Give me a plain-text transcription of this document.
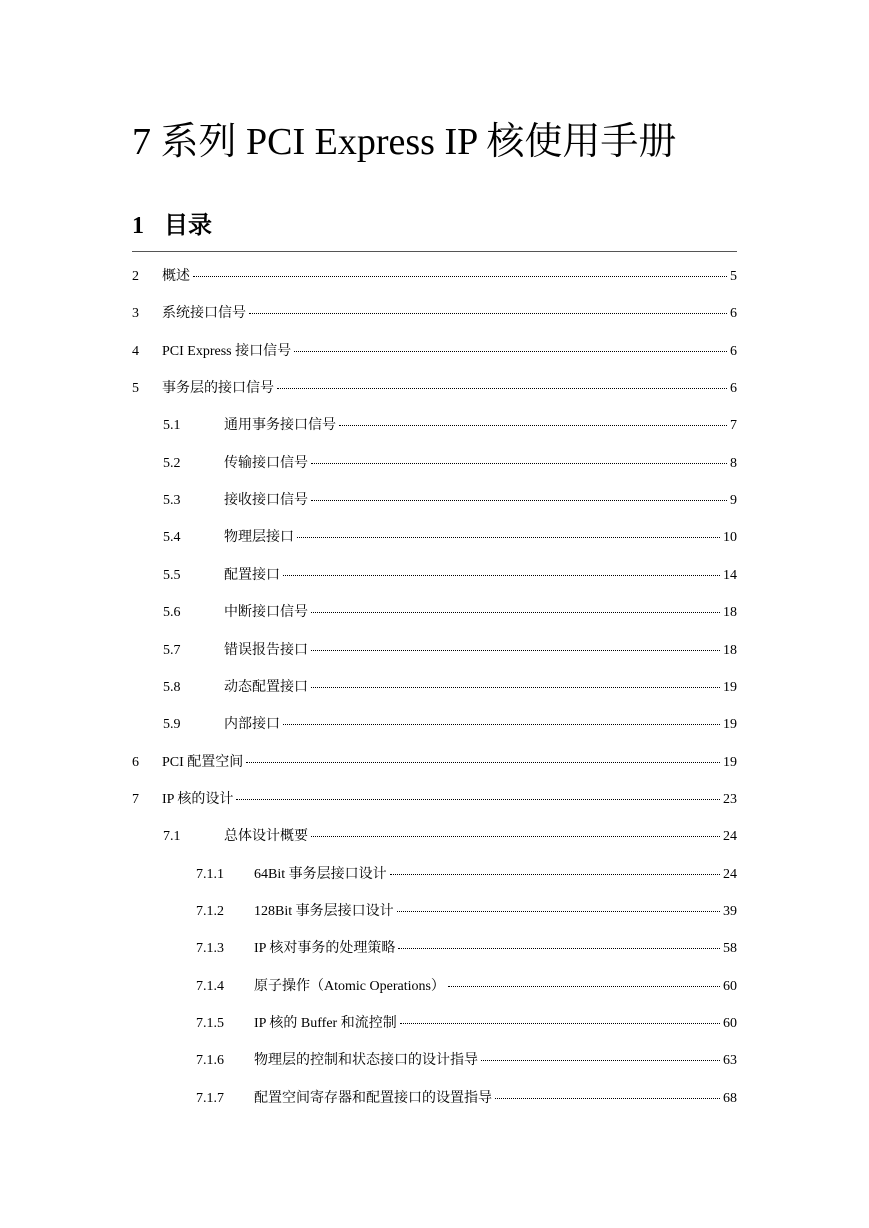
7 系列 PCI Express IP 核使用手册
1 目录
2	概述	5
3	系统接口信号	6
4	PCI Express 接口信号	6
5	事务层的接口信号	6
5.1	通用事务接口信号	7
5.2	传输接口信号	8
5.3	接收接口信号	9
5.4	物理层接口	10
5.5	配置接口	14
5.6	中断接口信号	18
5.7	错误报告接口	18
5.8	动态配置接口	19
5.9	内部接口	19
6	PCI 配置空间	19
7	IP 核的设计	23
7.1	总体设计概要	24
7.1.1	64Bit 事务层接口设计	24
7.1.2	128Bit 事务层接口设计	39
7.1.3	IP 核对事务的处理策略	58
7.1.4	原子操作（Atomic Operations）	60
7.1.5	IP 核的 Buffer 和流控制	60
7.1.6	物理层的控制和状态接口的设计指导	63
7.1.7	配置空间寄存器和配置接口的设置指导	68
